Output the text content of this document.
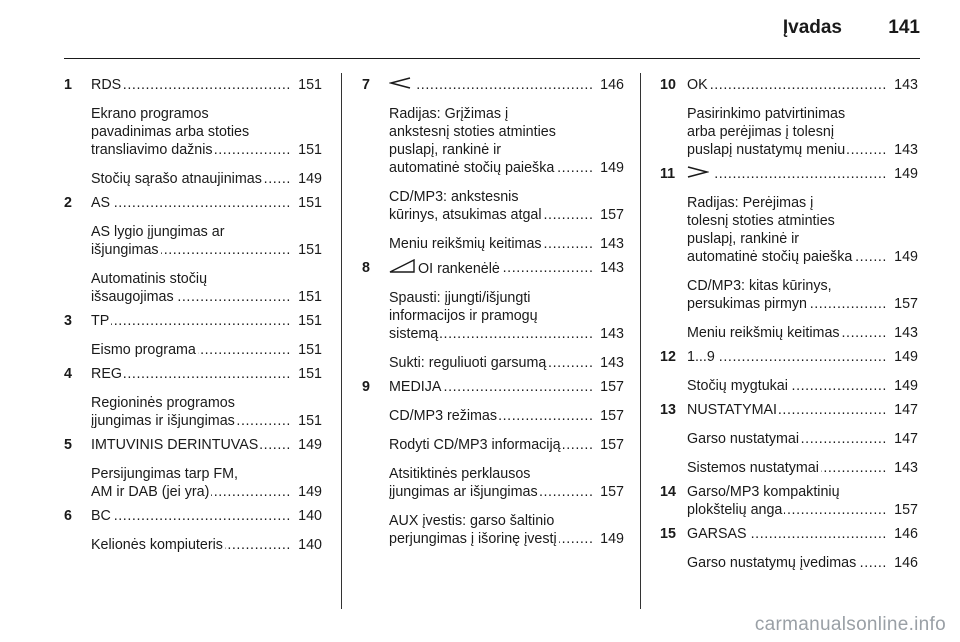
Įvadas 141
1 . . . RDS	151
Ekrano programos
pavadinimas arba stoties
. . .
transliavimo dažnis	151
. . .
Stočių sąrašo atnaujinimas	149
2 . . . AS	151
AS lygio įjungimas ar
. . .
išjungimas	151
Automatinis stočių
. . .
išsaugojimas	151
3 . . . TP	151
. . .
Eismo programa	151
4 . . . REG	151
Regioninės programos
. . .
įjungimas ir išjungimas	151
5 . . . IMTUVINIS DERINTUVAS	149
Persijungimas tarp FM,
. . .
AM ir DAB (jei yra)	149
6 . . . BC	140
. . .
Kelionės kompiuteris	140
7 . . .	146
Radijas: Grįžimas į
ankstesnį stoties atminties
puslapį, rankinė ir
. . .
automatinė stočių paieška	149
CD/MP3: ankstesnis
. . .
kūrinys, atsukimas atgal	157
. . .
Meniu reikšmių keitimas	143
8 . . .	OI rankenėlė	143
Spausti: įjungti/išjungti
informacijos ir pramogų
. . .
sistemą	143
. . .
Sukti: reguliuoti garsumą	143
9 . . . MEDIJA	157
. . .
CD/MP3 režimas	157
. . .
Rodyti CD/MP3 informaciją	157
Atsitiktinės perklausos
. . .
įjungimas ar išjungimas	157
AUX įvestis: garso šaltinio
. . .
perjungimas į išorinę įvestį	149
10 . . . OK	143
Pasirinkimo patvirtinimas
arba perėjimas į tolesnį
. . .
puslapį nustatymų meniu	143
11 . . .	149
Radijas: Perėjimas į
tolesnį stoties atminties
puslapį, rankinė ir
. . .
automatinė stočių paieška	149
CD/MP3: kitas kūrinys,
. . .
persukimas pirmyn	157
. . .
Meniu reikšmių keitimas	143
12 . . . 1...9	149
. . .
Stočių mygtukai	149
13 . . . NUSTATYMAI	147
. . .
Garso nustatymai	147
. . .
Sistemos nustatymai	143
14 Garso/MP3 kompaktinių
. . .
plokštelių anga	157
15 . . . GARSAS	146
. . .
Garso nustatymų įvedimas	146
carmanualsonline.info
